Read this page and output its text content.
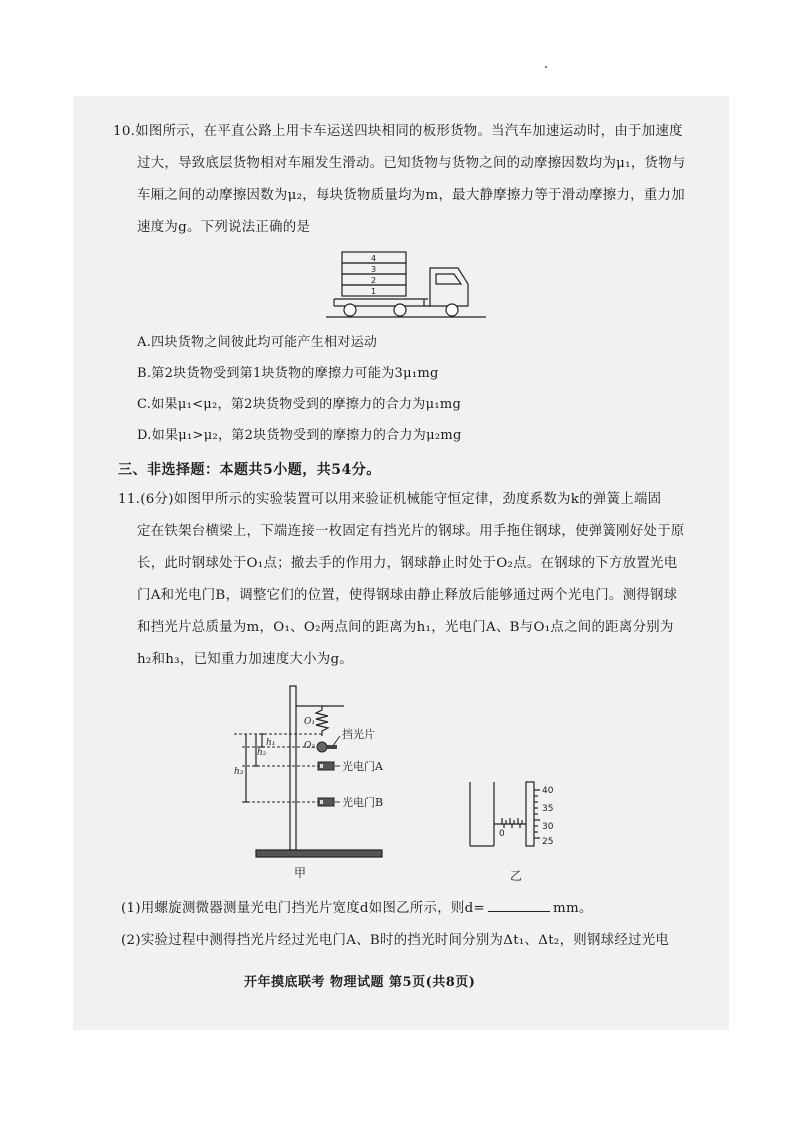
10.如图所示，在平直公路上用卡车运送四块相同的板形货物。当汽车加速运动时，由于加速度
过大，导致底层货物相对车厢发生滑动。已知货物与货物之间的动摩擦因数均为μ₁，货物与
车厢之间的动摩擦因数为μ₂，每块货物质量均为m，最大静摩擦力等于滑动摩擦力，重力加
速度为g。下列说法正确的是
4
3
2
1
A.四块货物之间彼此均可能产生相对运动
B.第2块货物受到第1块货物的摩擦力可能为3μ₁mg
C.如果μ₁<μ₂，第2块货物受到的摩擦力的合力为μ₁mg
D.如果μ₁>μ₂，第2块货物受到的摩擦力的合力为μ₂mg
三、非选择题：本题共5小题，共54分。
11.(6分)如图甲所示的实验装置可以用来验证机械能守恒定律，劲度系数为k的弹簧上端固
定在铁架台横梁上，下端连接一枚固定有挡光片的钢球。用手拖住钢球，使弹簧刚好处于原
长，此时钢球处于O₁点；撤去手的作用力，钢球静止时处于O₂点。在钢球的下方放置光电
门A和光电门B，调整它们的位置，使得钢球由静止释放后能够通过两个光电门。测得钢球
和挡光片总质量为m，O₁、O₂两点间的距离为h₁，光电门A、B与O₁点之间的距离分别为
h₂和h₃，已知重力加速度大小为g。
O₁
O₂
h₁
h₂
h₃
挡光片
光电门A
光电门B
甲
0
40
35
30
25
乙
(1)用螺旋测微器测量光电门挡光片宽度d如图乙所示，则d=	mm。
(2)实验过程中测得挡光片经过光电门A、B时的挡光时间分别为Δt₁、Δt₂，则钢球经过光电
开年摸底联考 物理试题 第5页(共8页)
